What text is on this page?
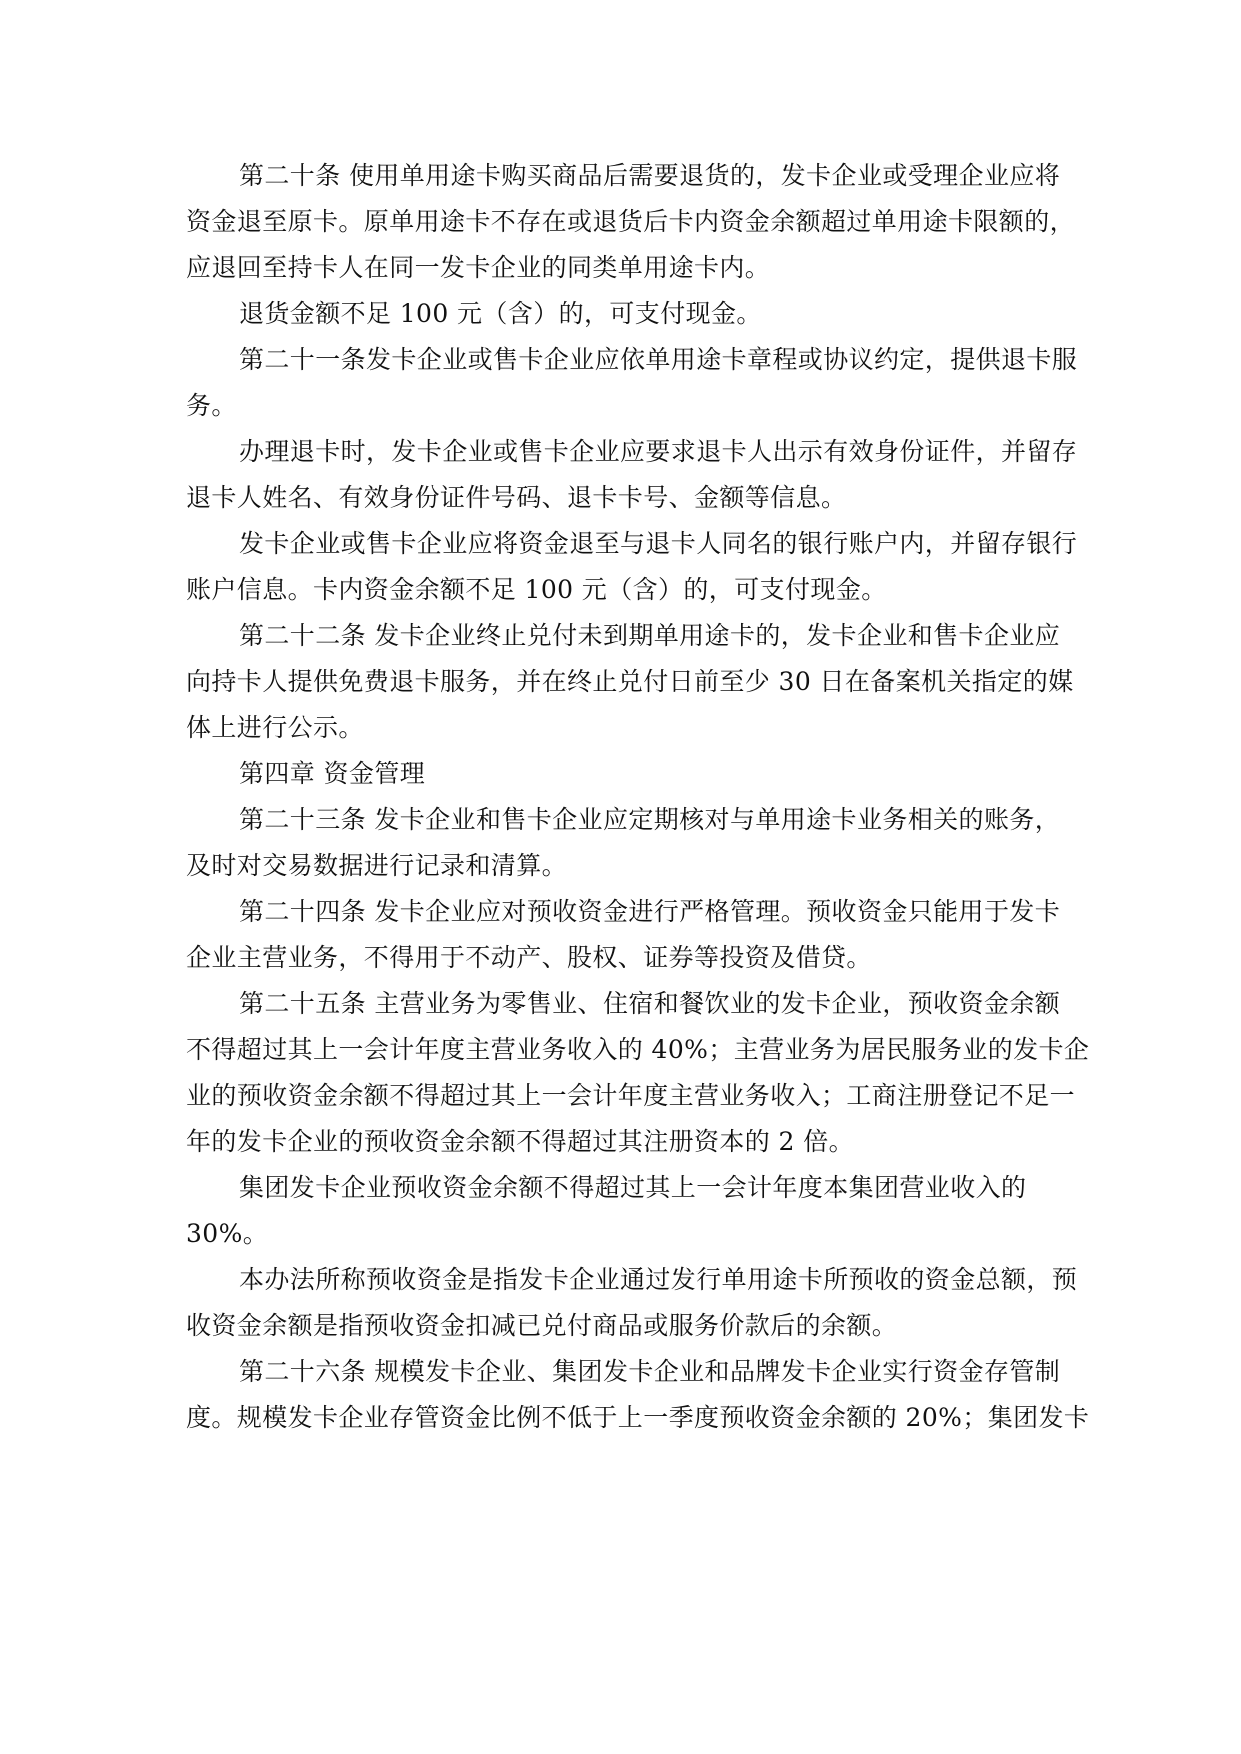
第二十条 使用单用途卡购买商品后需要退货的，发卡企业或受理企业应将
资金退至原卡。原单用途卡不存在或退货后卡内资金余额超过单用途卡限额的，
应退回至持卡人在同一发卡企业的同类单用途卡内。
退货金额不足 100 元（含）的，可支付现金。
第二十一条发卡企业或售卡企业应依单用途卡章程或协议约定，提供退卡服
务。
办理退卡时，发卡企业或售卡企业应要求退卡人出示有效身份证件，并留存
退卡人姓名、有效身份证件号码、退卡卡号、金额等信息。
发卡企业或售卡企业应将资金退至与退卡人同名的银行账户内，并留存银行
账户信息。卡内资金余额不足 100 元（含）的，可支付现金。
第二十二条 发卡企业终止兑付未到期单用途卡的，发卡企业和售卡企业应
向持卡人提供免费退卡服务，并在终止兑付日前至少 30 日在备案机关指定的媒
体上进行公示。
第四章 资金管理
第二十三条 发卡企业和售卡企业应定期核对与单用途卡业务相关的账务，
及时对交易数据进行记录和清算。
第二十四条 发卡企业应对预收资金进行严格管理。预收资金只能用于发卡
企业主营业务，不得用于不动产、股权、证券等投资及借贷。
第二十五条 主营业务为零售业、住宿和餐饮业的发卡企业，预收资金余额
不得超过其上一会计年度主营业务收入的 40%；主营业务为居民服务业的发卡企
业的预收资金余额不得超过其上一会计年度主营业务收入；工商注册登记不足一
年的发卡企业的预收资金余额不得超过其注册资本的 2 倍。
集团发卡企业预收资金余额不得超过其上一会计年度本集团营业收入的
30%。
本办法所称预收资金是指发卡企业通过发行单用途卡所预收的资金总额，预
收资金余额是指预收资金扣减已兑付商品或服务价款后的余额。
第二十六条 规模发卡企业、集团发卡企业和品牌发卡企业实行资金存管制
度。规模发卡企业存管资金比例不低于上一季度预收资金余额的 20%；集团发卡
